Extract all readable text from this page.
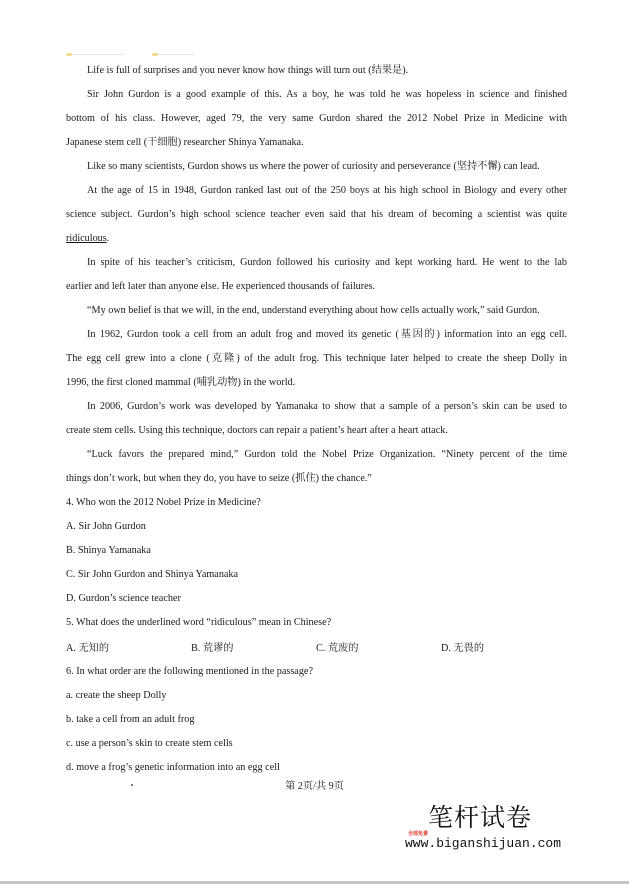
Life is full of surprises and you never know how things will turn out (结果是).
Sir John Gurdon is a good example of this. As a boy, he was told he was hopeless in science and finished
bottom of his class. However, aged 79, the very same Gurdon shared the 2012 Nobel Prize in Medicine with
Japanese stem cell (干细胞) researcher Shinya Yamanaka.
Like so many scientists, Gurdon shows us where the power of curiosity and perseverance (坚持不懈) can lead.
At the age of 15 in 1948, Gurdon ranked last out of the 250 boys at his high school in Biology and every other
science subject. Gurdon’s high school science teacher even said that his dream of becoming a scientist was quite
ridiculous.
In spite of his teacher’s criticism, Gurdon followed his curiosity and kept working hard. He went to the lab
earlier and left later than anyone else. He experienced thousands of failures.
“My own belief is that we will, in the end, understand everything about how cells actually work,” said Gurdon.
In 1962, Gurdon took a cell from an adult frog and moved its genetic (基因的) information into an egg cell.
The egg cell grew into a clone (克隆) of the adult frog. This technique later helped to create the sheep Dolly in
1996, the first cloned mammal (哺乳动物) in the world.
In 2006, Gurdon’s work was developed by Yamanaka to show that a sample of a person’s skin can be used to
create stem cells. Using this technique, doctors can repair a patient’s heart after a heart attack.
“Luck favors the prepared mind,” Gurdon told the Nobel Prize Organization. “Ninety percent of the time
things don’t work, but when they do, you have to seize (抓住) the chance.”
4. Who won the 2012 Nobel Prize in Medicine?
A. Sir John Gurdon
B. Shinya Yamanaka
C. Sir John Gurdon and Shinya Yamanaka
D. Gurdon’s science teacher
5. What does the underlined word “ridiculous” mean in Chinese?
A. 无知的	B. 荒谬的	C. 荒废的	D. 无畏的
6. In what order are the following mentioned in the passage?
a. create the sheep Dolly
b. take a cell from an adult frog
c. use a person’s skin to create stem cells
d. move a frog’s genetic information into an egg cell
第 2页/共 9页
笔杆试卷
全部免费
www.biganshijuan.com
